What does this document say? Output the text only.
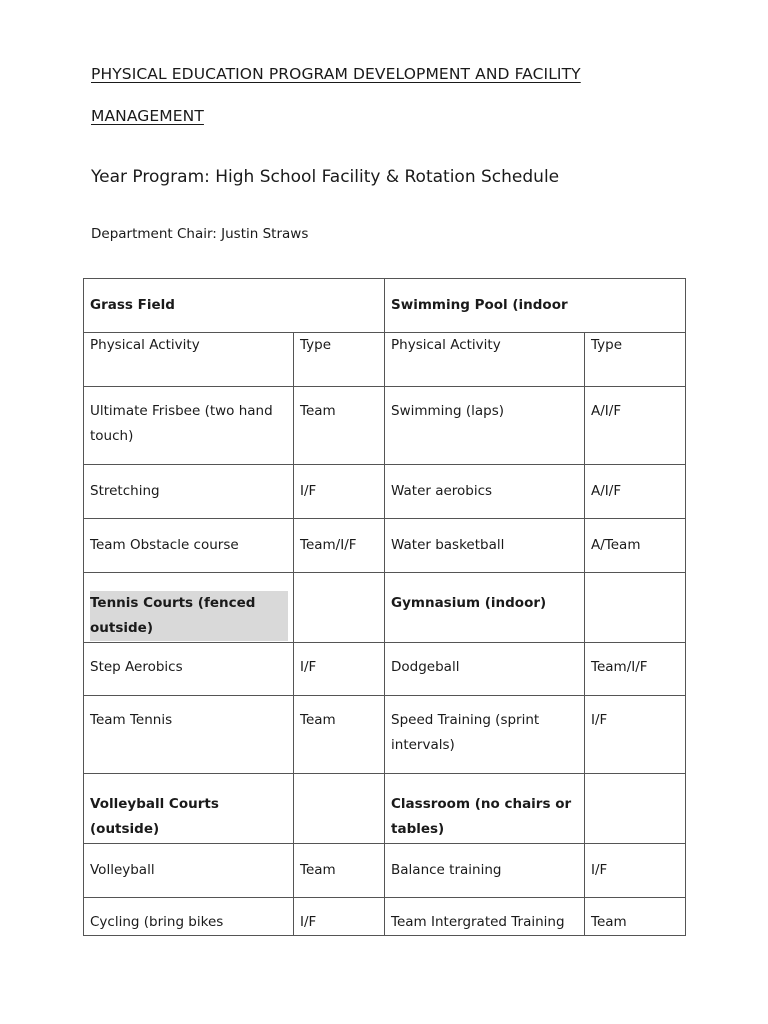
PHYSICAL EDUCATION PROGRAM DEVELOPMENT AND FACILITY
MANAGEMENT
Year Program: High School Facility & Rotation Schedule
Department Chair: Justin Straws
Grass Field		Swimming Pool (indoor	
Physical Activity	Type	Physical Activity	Type
Ultimate Frisbee (two hand touch)	Team	Swimming (laps)	A/I/F
Stretching	I/F	Water aerobics	A/I/F
Team Obstacle course	Team/I/F	Water basketball	A/Team
Tennis Courts (fenced outside)		Gymnasium (indoor)	
Step Aerobics	I/F	Dodgeball	Team/I/F
Team Tennis	Team	Speed Training (sprint intervals)	I/F
Volleyball Courts (outside)		Classroom (no chairs or tables)	
Volleyball	Team	Balance training	I/F
Cycling (bring bikes	I/F	Team Intergrated Training	Team
